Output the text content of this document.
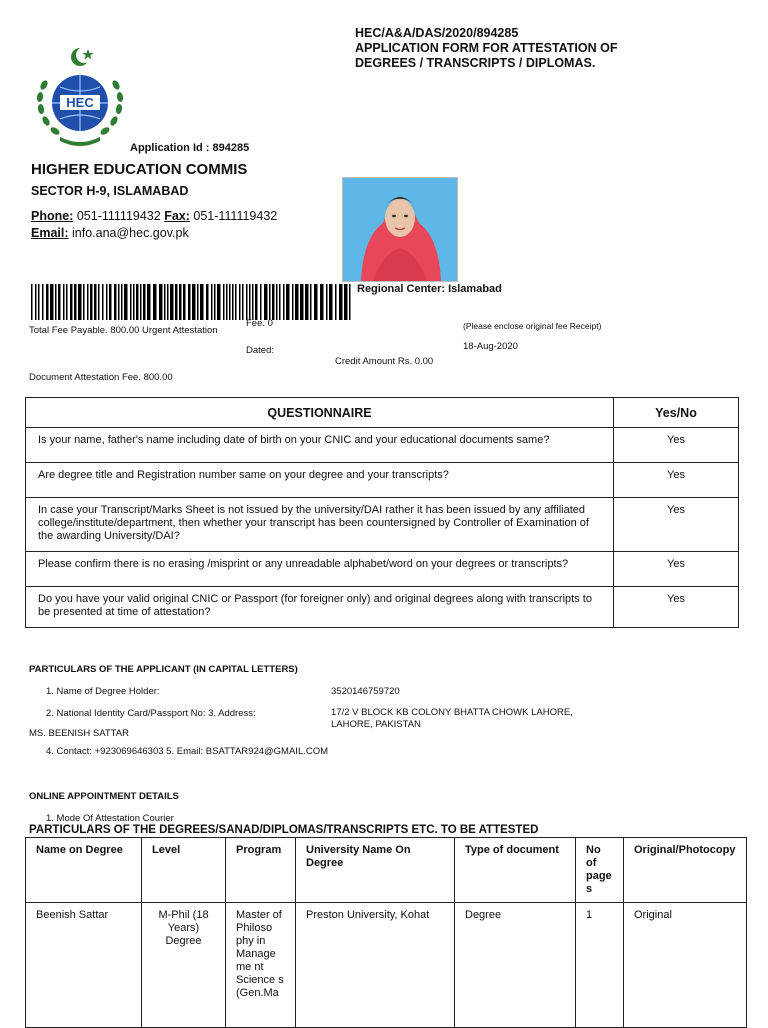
HEC/A&A/DAS/2020/894285
APPLICATION FORM FOR ATTESTATION OF
DEGREES / TRANSCRIPTS / DIPLOMAS.
HEC
Application Id : 894285
HIGHER EDUCATION COMMIS
SECTOR H-9, ISLAMABAD
Phone: 051-111119432 Fax: 051-111119432
Email: info.ana@hec.gov.pk
Regional Center: Islamabad
Total Fee Payable. 800.00 Urgent Attestation
Fee. 0	(Please enclose original fee Receipt)
Dated:	18-Aug-2020
Credit Amount Rs. 0.00
Document Attestation Fee. 800.00
QUESTIONNAIRE	Yes/No
Is your name, father's name including date of birth on your CNIC and your educational documents same?	Yes
Are degree title and Registration number same on your degree and your transcripts?	Yes
In case your Transcript/Marks Sheet is not issued by the university/DAI rather it has been issued by any affiliated college/institute/department, then whether your transcript has been countersigned by Controller of Examination of the awarding University/DAI?	Yes
Please confirm there is no erasing /misprint or any unreadable alphabet/word on your degrees or transcripts?	Yes
Do you have your valid original CNIC or Passport (for foreigner only) and original degrees along with transcripts to be presented at time of attestation?	Yes
PARTICULARS OF THE APPLICANT (IN CAPITAL LETTERS)
1. Name of Degree Holder:	3520146759720
2. National Identity Card/Passport No: 3. Address:	17/2 V BLOCK KB COLONY BHATTA CHOWK LAHORE,
LAHORE, PAKISTAN
MS. BEENISH SATTAR
4. Contact: +923069646303 5. Email: BSATTAR924@GMAIL.COM
ONLINE APPOINTMENT DETAILS
1. Mode Of Attestation Courier
PARTICULARS OF THE DEGREES/SANAD/DIPLOMAS/TRANSCRIPTS ETC. TO BE ATTESTED
Name on Degree	Level	Program	University Name On Degree	Type of document	No of page s	Original/Photocopy
Beenish Sattar	M-Phil (18 Years) Degree	Master of Philoso phy in Manage me nt Science s (Gen.Ma	Preston University, Kohat	Degree	1	Original
